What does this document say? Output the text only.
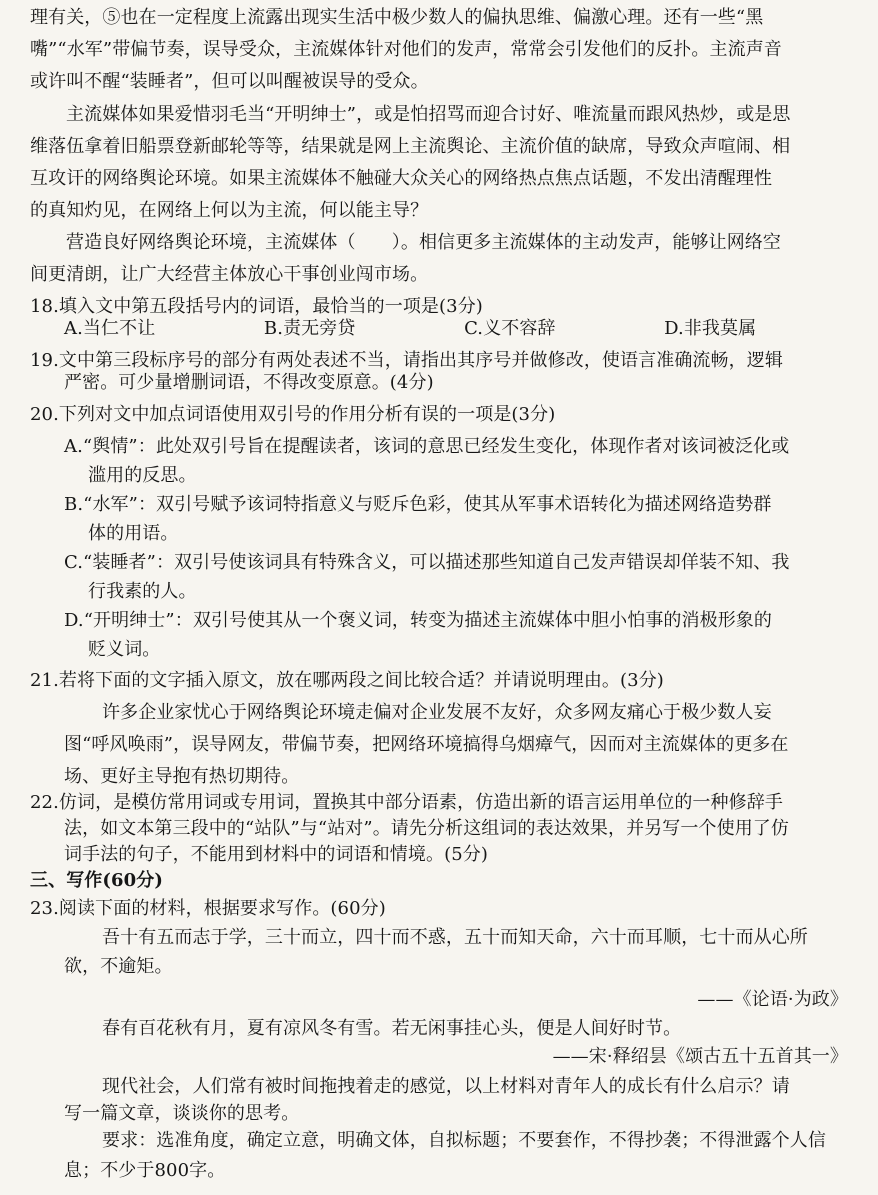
理有关，⑤也在一定程度上流露出现实生活中极少数人的偏执思维、偏激心理。还有一些“黑
嘴”“水军”带偏节奏，误导受众，主流媒体针对他们的发声，常常会引发他们的反扑。主流声音
或许叫不醒“装睡者”，但可以叫醒被误导的受众。
主流媒体如果爱惜羽毛当“开明绅士”，或是怕招骂而迎合讨好、唯流量而跟风热炒，或是思
维落伍拿着旧船票登新邮轮等等，结果就是网上主流舆论、主流价值的缺席，导致众声喧闹、相
互攻讦的网络舆论环境。如果主流媒体不触碰大众关心的网络热点焦点话题，不发出清醒理性
的真知灼见，在网络上何以为主流，何以能主导？
营造良好网络舆论环境，主流媒体（　　）。相信更多主流媒体的主动发声，能够让网络空
间更清朗，让广大经营主体放心干事创业闯市场。
18.填入文中第五段括号内的词语，最恰当的一项是(3分)
A.当仁不让　　　　　　B.责无旁贷　　　　　　C.义不容辞　　　　　　D.非我莫属
19.文中第三段标序号的部分有两处表述不当，请指出其序号并做修改，使语言准确流畅，逻辑
严密。可少量增删词语，不得改变原意。(4分)
20.下列对文中加点词语使用双引号的作用分析有误的一项是(3分)
A.“舆情”：此处双引号旨在提醒读者，该词的意思已经发生变化，体现作者对该词被泛化或
滥用的反思。
B.“水军”：双引号赋予该词特指意义与贬斥色彩，使其从军事术语转化为描述网络造势群
体的用语。
C.“装睡者”：双引号使该词具有特殊含义，可以描述那些知道自己发声错误却佯装不知、我
行我素的人。
D.“开明绅士”：双引号使其从一个褒义词，转变为描述主流媒体中胆小怕事的消极形象的
贬义词。
21.若将下面的文字插入原文，放在哪两段之间比较合适？并请说明理由。(3分)
许多企业家忧心于网络舆论环境走偏对企业发展不友好，众多网友痛心于极少数人妄
图“呼风唤雨”，误导网友，带偏节奏，把网络环境搞得乌烟瘴气，因而对主流媒体的更多在
场、更好主导抱有热切期待。
22.仿词，是模仿常用词或专用词，置换其中部分语素，仿造出新的语言运用单位的一种修辞手
法，如文本第三段中的“站队”与“站对”。请先分析这组词的表达效果，并另写一个使用了仿
词手法的句子，不能用到材料中的词语和情境。(5分)
三、写作(60分)
23.阅读下面的材料，根据要求写作。(60分)
吾十有五而志于学，三十而立，四十而不惑，五十而知天命，六十而耳顺，七十而从心所
欲，不逾矩。
——《论语·为政》
春有百花秋有月，夏有凉风冬有雪。若无闲事挂心头，便是人间好时节。
——宋·释绍昙《颂古五十五首其一》
现代社会，人们常有被时间拖拽着走的感觉，以上材料对青年人的成长有什么启示？请
写一篇文章，谈谈你的思考。
要求：选准角度，确定立意，明确文体，自拟标题；不要套作，不得抄袭；不得泄露个人信
息；不少于800字。
